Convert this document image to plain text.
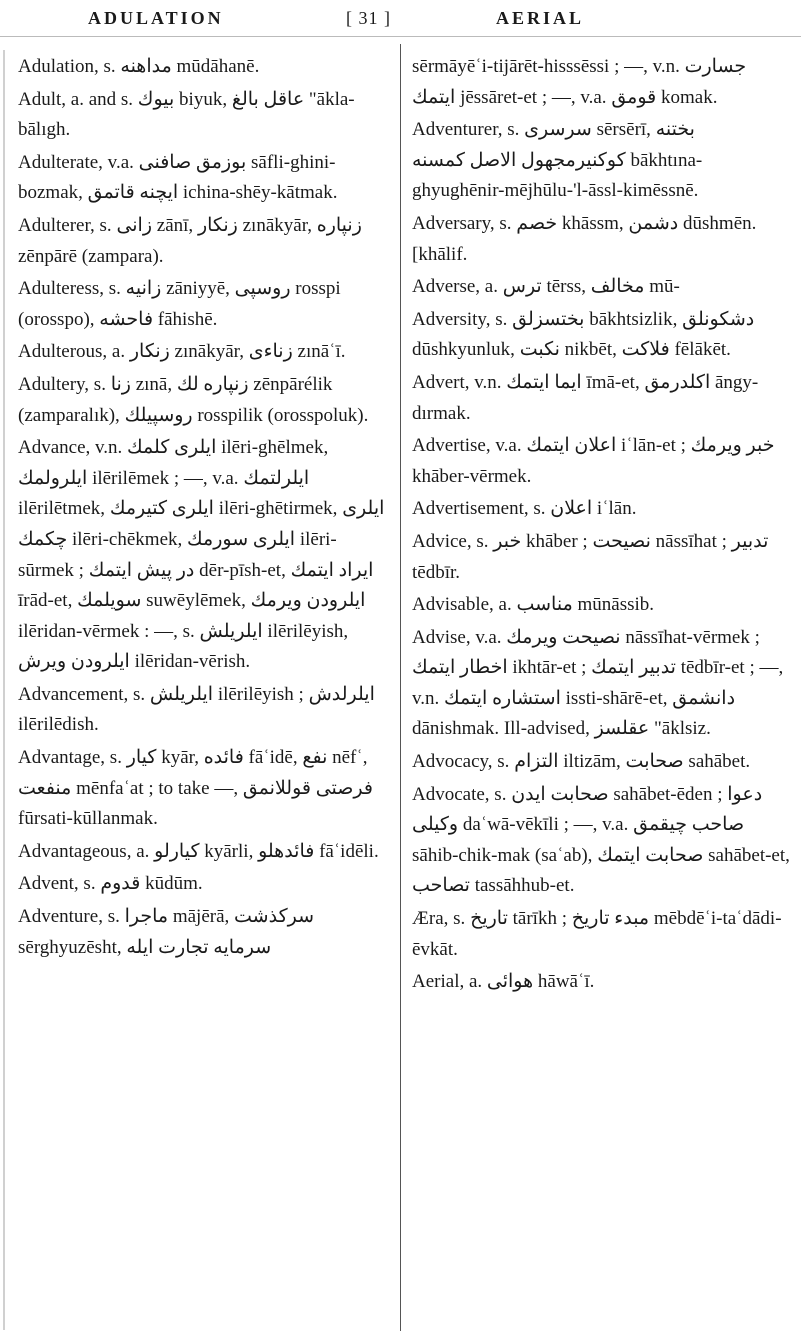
ADULATION	[ 31 ]	AERIAL

Adulation, s. مداهنه mūdāhanē.

Adult, a. and s. بيوك biyuk, عاقل بالغ "ākla-bālıgh.

Adulterate, v.a. بوزمق صافنى sāfli-ghini-bozmak, ايچنه قاتمق ichina-shēy-kātmak.

Adulterer, s. زانى zānī, زنكار zınākyār, زنپاره zēnpārē (zampara).

Adulteress, s. زانيه zāniyyē, روسپى rosspi (orosspo), فاحشه fāhishē.

Adulterous, a. زنكار zınākyār, زناءى zınāʿī.

Adultery, s. زنا zınā, زنپاره لك zēnpārélik (zamparalık), روسپيلك rosspilik (orosspoluk).

Advance, v.n. ايلرى كلمك ilēri-ghēlmek, ايلرولمك ilērilēmek ; —, v.a. ايلرلتمك ilērilētmek, ايلرى كتيرمك ilēri-ghētirmek, ايلرى چكمك ilēri-chēkmek, ايلرى سورمك ilēri-sūrmek ; در پيش ايتمك dēr-pīsh-et, ايراد ايتمك īrād-et, سويلمك suwēylēmek, ايلرودن ويرمك ilēridan-vērmek : —, s. ايلريلش ilērilēyish, ايلرودن ويرش ilēridan-vērish.

Advancement, s. ايلريلش ilērilēyish ; ايلرلدش ilērilēdish.

Advantage, s. كيار kyār, فائده fāʿidē, نفع nēfʿ, منفعت mēnfaʿat ; to take —, فرصتى قوللانمق fūrsati-kūllanmak.

Advantageous, a. كيارلو kyārli, فائدهلو fāʿidēli.

Advent, s. قدوم kūdūm.

Adventure, s. ماجرا mājērā, سركذشت sērghyuzēsht, سرمايه تجارت ايله

sērmāyēʿi-tijārēt-hisssēssi ; —, v.n. جسارت ايتمك jēssāret-et ; —, v.a. قومق komak.

Adventurer, s. سرسرى sērsērī, بختنه كوكنيرمجهول الاصل كمسنه bākhtına-ghyughēnir-mējhūlu-'l-āssl-kimēssnē.

Adversary, s. خصم khāssm, دشمن dūshmēn. [khālif.

Adverse, a. ترس tērss, مخالف mū-

Adversity, s. بختسزلق bākhtsizlik, دشكونلق dūshkyunluk, نكبت nikbēt, فلاكت fēlākēt.

Advert, v.n. ايما ايتمك īmā-et, اكلدرمق āngy-dırmak.

Advertise, v.a. اعلان ايتمك iʿlān-et ; خبر ويرمك khāber-vērmek.

Advertisement, s. اعلان iʿlān.

Advice, s. خبر khāber ; نصيحت nāssīhat ; تدبير tēdbīr.

Advisable, a. مناسب mūnāssib.

Advise, v.a. نصيحت ويرمك nāssīhat-vērmek ; اخطار ايتمك ikhtār-et ; تدبير ايتمك tēdbīr-et ; —, v.n. استشاره ايتمك issti-shārē-et, دانشمق dānishmak. Ill-advised, عقلسز "āklsiz.

Advocacy, s. التزام iltizām, صحابت sahābet.

Advocate, s. صحابت ايدن sahābet-ēden ; دعوا وكيلى daʿwā-vēkīli ; —, v.a. صاحب چيقمق sāhib-chik-mak (saʿab), صحابت ايتمك sahābet-et, تصاحب tassāhhub-et.

Æra, s. تاريخ tārīkh ; مبدء تاريخ mēbdēʿi-taʿdādi-ēvkāt.

Aerial, a. هوائى hāwāʿī.
